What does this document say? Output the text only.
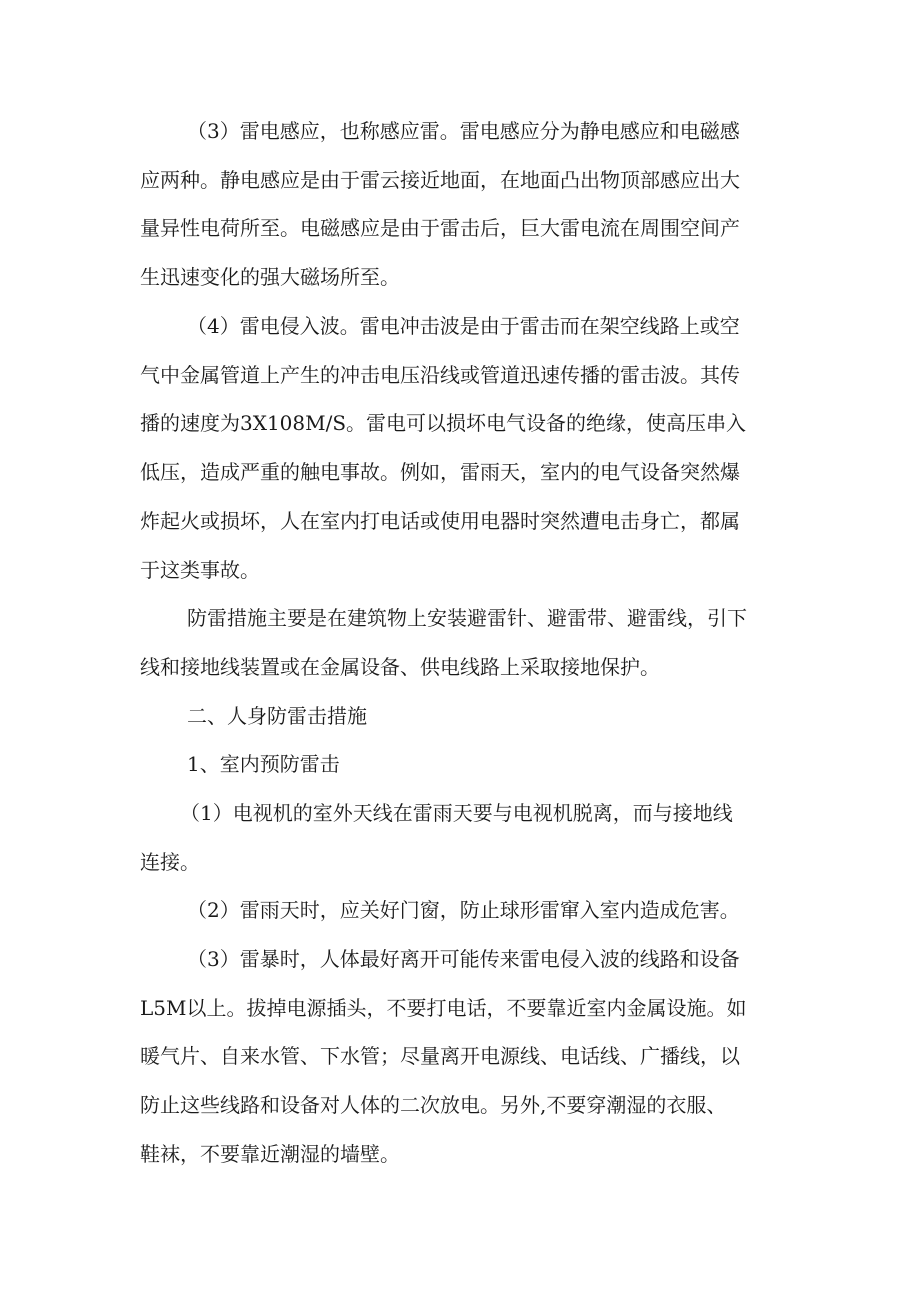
（3）雷电感应，也称感应雷。雷电感应分为静电感应和电磁感
应两种。静电感应是由于雷云接近地面，在地面凸出物顶部感应出大
量异性电荷所至。电磁感应是由于雷击后，巨大雷电流在周围空间产
生迅速变化的强大磁场所至。
（4）雷电侵入波。雷电冲击波是由于雷击而在架空线路上或空
气中金属管道上产生的冲击电压沿线或管道迅速传播的雷击波。其传
播的速度为3X108M/S。雷电可以损坏电气设备的绝缘，使高压串入
低压，造成严重的触电事故。例如，雷雨天，室内的电气设备突然爆
炸起火或损坏，人在室内打电话或使用电器时突然遭电击身亡，都属
于这类事故。
防雷措施主要是在建筑物上安装避雷针、避雷带、避雷线，引下
线和接地线装置或在金属设备、供电线路上采取接地保护。
二、人身防雷击措施
1、室内预防雷击
（1）电视机的室外天线在雷雨天要与电视机脱离，而与接地线
连接。
（2）雷雨天时，应关好门窗，防止球形雷窜入室内造成危害。
（3）雷暴时，人体最好离开可能传来雷电侵入波的线路和设备
L5M以上。拔掉电源插头，不要打电话，不要靠近室内金属设施。如
暖气片、自来水管、下水管；尽量离开电源线、电话线、广播线，以
防止这些线路和设备对人体的二次放电。另外,不要穿潮湿的衣服、
鞋袜，不要靠近潮湿的墙壁。
